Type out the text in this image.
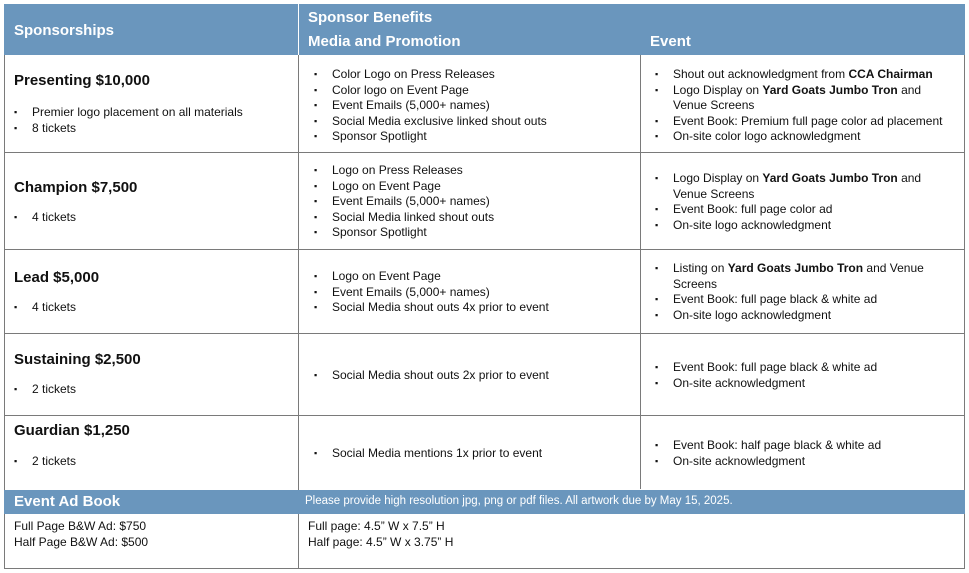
Sponsorships
Sponsor Benefits
Media and Promotion	Event
Presenting $10,000
▪ Premier logo placement on all materials
▪ 8 tickets
▪ Color Logo on Press Releases
▪ Color logo on Event Page
▪ Event Emails (5,000+ names)
▪ Social Media exclusive linked shout outs
▪ Sponsor Spotlight
▪ Shout out acknowledgment from CCA Chairman
▪ Logo Display on Yard Goats Jumbo Tron and Venue Screens
▪ Event Book: Premium full page color ad placement
▪ On-site color logo acknowledgment
Champion $7,500
▪ 4 tickets
▪ Logo on Press Releases
▪ Logo on Event Page
▪ Event Emails (5,000+ names)
▪ Social Media linked shout outs
▪ Sponsor Spotlight
▪ Logo Display on Yard Goats Jumbo Tron and Venue Screens
▪ Event Book: full page color ad
▪ On-site logo acknowledgment
Lead $5,000
▪ 4 tickets
▪ Logo on Event Page
▪ Event Emails (5,000+ names)
▪ Social Media shout outs 4x prior to event
▪ Listing on Yard Goats Jumbo Tron and Venue Screens
▪ Event Book: full page black & white ad
▪ On-site logo acknowledgment
Sustaining $2,500
▪ 2 tickets
▪ Social Media shout outs 2x prior to event
▪ Event Book: full page black & white ad
▪ On-site acknowledgment
Guardian $1,250
▪ 2 tickets
▪ Social Media mentions 1x prior to event
▪ Event Book: half page black & white ad
▪ On-site acknowledgment
Event Ad Book	Please provide high resolution jpg, png or pdf files. All artwork due by May 15, 2025.
Full Page B&W Ad: $750
Half Page B&W Ad: $500
Full page: 4.5” W x 7.5” H
Half page: 4.5” W x 3.75” H
